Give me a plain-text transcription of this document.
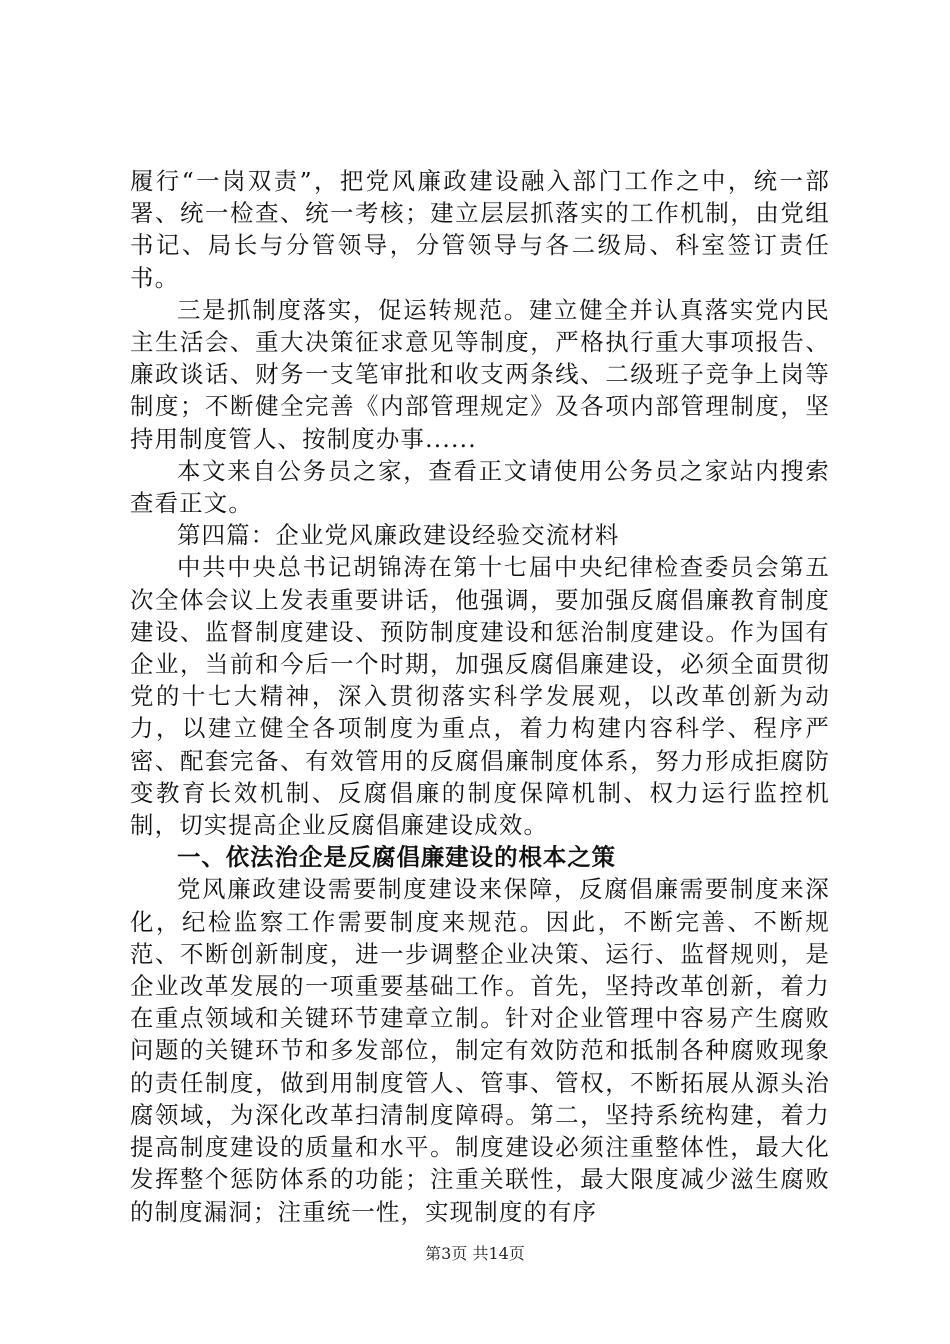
履行“一岗双责”，把党风廉政建设融入部门工作之中，统一部署、统一检查、统一考核；建立层层抓落实的工作机制，由党组书记、局长与分管领导，分管领导与各二级局、科室签订责任书。

三是抓制度落实，促运转规范。建立健全并认真落实党内民主生活会、重大决策征求意见等制度，严格执行重大事项报告、廉政谈话、财务一支笔审批和收支两条线、二级班子竞争上岗等制度；不断健全完善《内部管理规定》及各项内部管理制度，坚持用制度管人、按制度办事......

本文来自公务员之家，查看正文请使用公务员之家站内搜索查看正文。

第四篇：企业党风廉政建设经验交流材料

中共中央总书记胡锦涛在第十七届中央纪律检查委员会第五次全体会议上发表重要讲话，他强调，要加强反腐倡廉教育制度建设、监督制度建设、预防制度建设和惩治制度建设。作为国有企业，当前和今后一个时期，加强反腐倡廉建设，必须全面贯彻党的十七大精神，深入贯彻落实科学发展观，以改革创新为动力，以建立健全各项制度为重点，着力构建内容科学、程序严密、配套完备、有效管用的反腐倡廉制度体系，努力形成拒腐防变教育长效机制、反腐倡廉的制度保障机制、权力运行监控机制，切实提高企业反腐倡廉建设成效。

一、依法治企是反腐倡廉建设的根本之策

党风廉政建设需要制度建设来保障，反腐倡廉需要制度来深化，纪检监察工作需要制度来规范。因此，不断完善、不断规范、不断创新制度，进一步调整企业决策、运行、监督规则，是企业改革发展的一项重要基础工作。首先，坚持改革创新，着力在重点领域和关键环节建章立制。针对企业管理中容易产生腐败问题的关键环节和多发部位，制定有效防范和抵制各种腐败现象的责任制度，做到用制度管人、管事、管权，不断拓展从源头治腐领域，为深化改革扫清制度障碍。第二，坚持系统构建，着力提高制度建设的质量和水平。制度建设必须注重整体性，最大化发挥整个惩防体系的功能；注重关联性，最大限度减少滋生腐败的制度漏洞；注重统一性，实现制度的有序

第3页 共14页
